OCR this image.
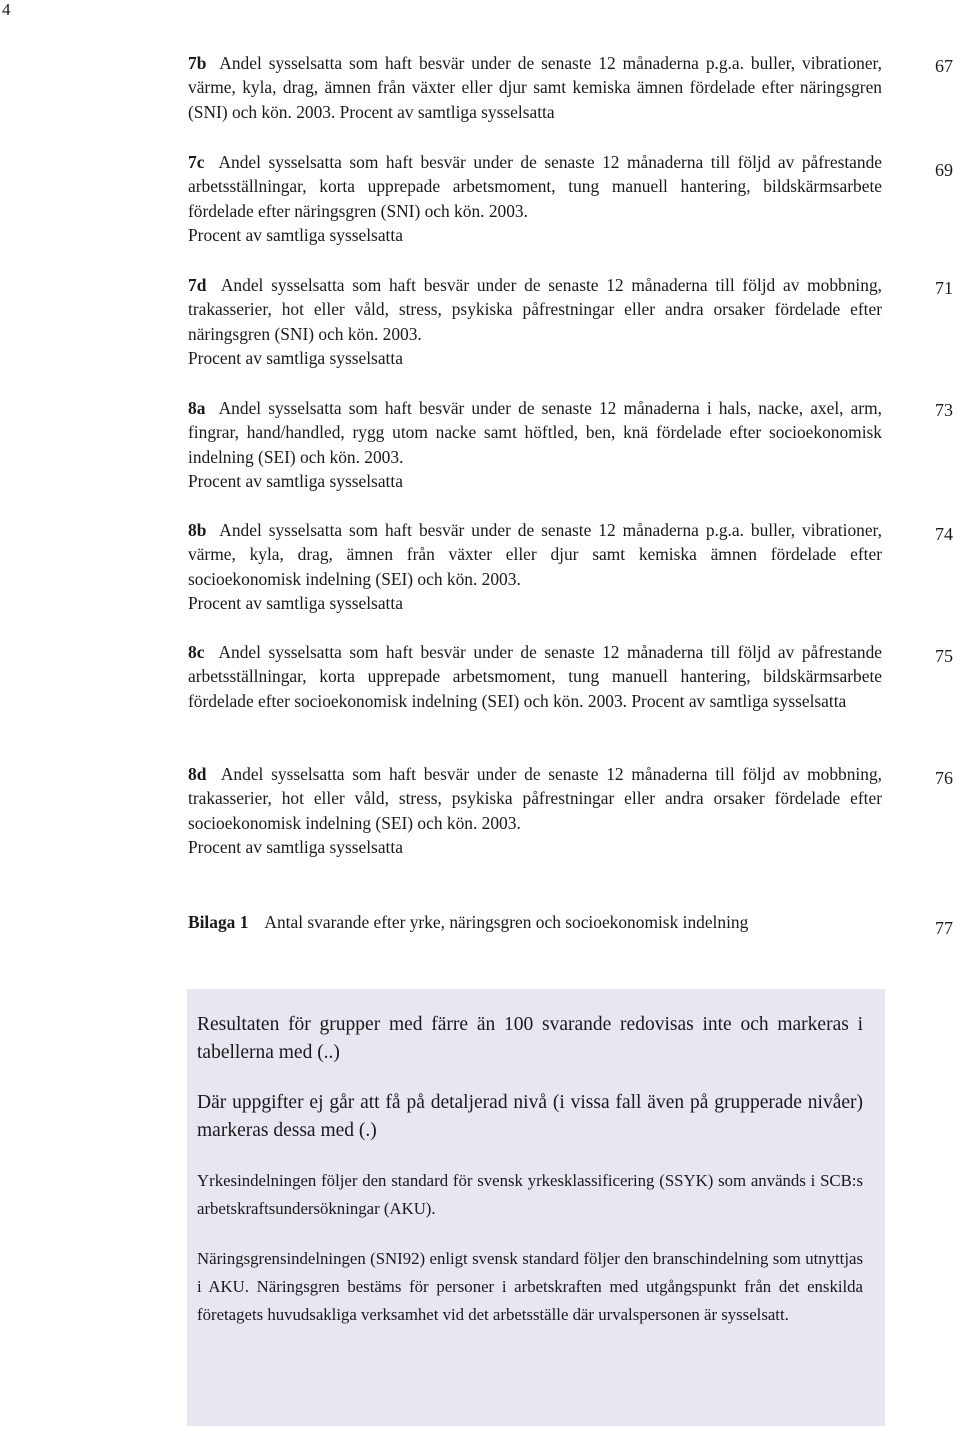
4
7b Andel sysselsatta som haft besvär under de senaste 12 månaderna p.g.a. buller, vibrationer, värme, kyla, drag, ämnen från växter eller djur samt kemiska ämnen fördelade efter näringsgren (SNI) och kön. 2003. Procent av samtliga sysselsatta
67
7c Andel sysselsatta som haft besvär under de senaste 12 månaderna till följd av påfrestande arbetsställningar, korta upprepade arbetsmoment, tung manuell hantering, bildskärmsarbete fördelade efter näringsgren (SNI) och kön. 2003.
Procent av samtliga sysselsatta
69
7d Andel sysselsatta som haft besvär under de senaste 12 månaderna till följd av mobbning, trakasserier, hot eller våld, stress, psykiska påfrestningar eller andra orsaker fördelade efter näringsgren (SNI) och kön. 2003.
Procent av samtliga sysselsatta
71
8a Andel sysselsatta som haft besvär under de senaste 12 månaderna i hals, nacke, axel, arm, fingrar, hand/handled, rygg utom nacke samt höftled, ben, knä fördelade efter socioekonomisk indelning (SEI) och kön. 2003.
Procent av samtliga sysselsatta
73
8b Andel sysselsatta som haft besvär under de senaste 12 månaderna p.g.a. buller, vibrationer, värme, kyla, drag, ämnen från växter eller djur samt kemiska ämnen fördelade efter socioekonomisk indelning (SEI) och kön. 2003.
Procent av samtliga sysselsatta
74
8c Andel sysselsatta som haft besvär under de senaste 12 månaderna till följd av påfrestande arbetsställningar, korta upprepade arbetsmoment, tung manuell hantering, bildskärmsarbete fördelade efter socioekonomisk indelning (SEI) och kön. 2003. Procent av samtliga sysselsatta
75
8d Andel sysselsatta som haft besvär under de senaste 12 månaderna till följd av mobbning, trakasserier, hot eller våld, stress, psykiska påfrestningar eller andra orsaker fördelade efter socioekonomisk indelning (SEI) och kön. 2003.
Procent av samtliga sysselsatta
76
Bilaga 1 Antal svarande efter yrke, näringsgren och socioekonomisk indelning	77

Resultaten för grupper med färre än 100 svarande redovisas inte och markeras i tabellerna med (..)

Där uppgifter ej går att få på detaljerad nivå (i vissa fall även på grupperade nivåer) markeras dessa med (.)

Yrkesindelningen följer den standard för svensk yrkesklassificering (SSYK) som används i SCB:s arbetskraftsundersökningar (AKU).

Näringsgrensindelningen (SNI92) enligt svensk standard följer den branschindelning som utnyttjas i AKU. Näringsgren bestäms för personer i arbetskraften med utgångspunkt från det enskilda företagets huvudsakliga verksamhet vid det arbetsställe där urvalspersonen är sysselsatt.
